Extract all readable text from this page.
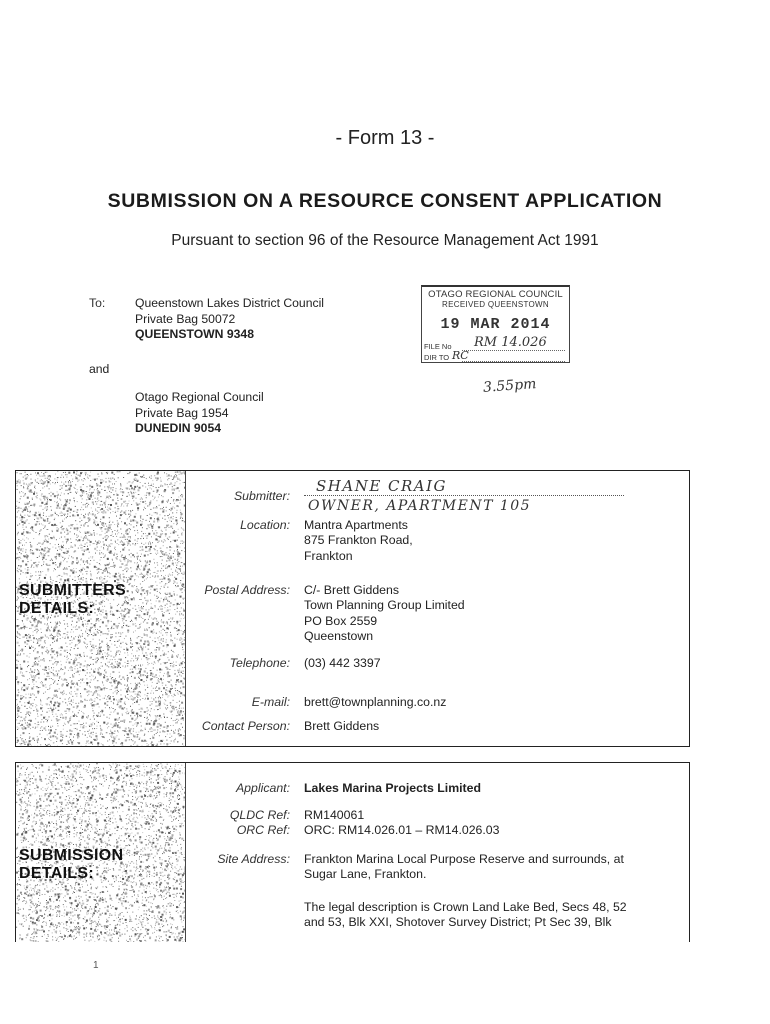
- Form 13 -
SUBMISSION ON A RESOURCE CONSENT APPLICATION
Pursuant to section 96 of the Resource Management Act 1991
To: Queenstown Lakes District Council
Private Bag 50072
QUEENSTOWN 9348
and
Otago Regional Council
Private Bag 1954
DUNEDIN 9054
OTAGO REGIONAL COUNCIL
RECEIVED QUEENSTOWN
19 MAR 2014
FILE No RM 14.026
DIR TO RC
3.55pm
SUBMITTERS
DETAILS:
Submitter:
SHANE CRAIG
OWNER, APARTMENT 105
Location: Mantra Apartments
875 Frankton Road,
Frankton
Postal Address: C/- Brett Giddens
Town Planning Group Limited
PO Box 2559
Queenstown
Telephone: (03) 442 3397
E-mail: brett@townplanning.co.nz
Contact Person: Brett Giddens
SUBMISSION
DETAILS:
Applicant: Lakes Marina Projects Limited
QLDC Ref: RM140061
ORC Ref: ORC: RM14.026.01 – RM14.026.03
Site Address: Frankton Marina Local Purpose Reserve and surrounds, at
Sugar Lane, Frankton.
The legal description is Crown Land Lake Bed, Secs 48, 52
and 53, Blk XXI, Shotover Survey District; Pt Sec 39, Blk
1
